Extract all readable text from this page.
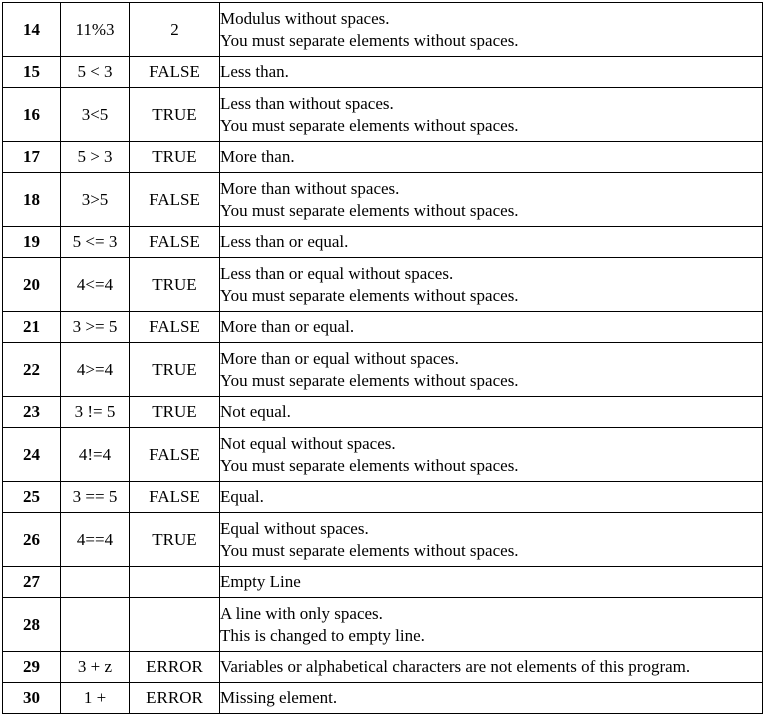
14	11%3	2	Modulus without spaces.
You must separate elements without spaces.

15	5 < 3	FALSE	Less than.

16	3<5	TRUE	Less than without spaces.
You must separate elements without spaces.

17	5 > 3	TRUE	More than.

18	3>5	FALSE	More than without spaces.
You must separate elements without spaces.

19	5 <= 3	FALSE	Less than or equal.

20	4<=4	TRUE	Less than or equal without spaces.
You must separate elements without spaces.

21	3 >= 5	FALSE	More than or equal.

22	4>=4	TRUE	More than or equal without spaces.
You must separate elements without spaces.

23	3 != 5	TRUE	Not equal.

24	4!=4	FALSE	Not equal without spaces.
You must separate elements without spaces.

25	3 == 5	FALSE	Equal.

26	4==4	TRUE	Equal without spaces.
You must separate elements without spaces.

27			Empty Line

28			A line with only spaces.
This is changed to empty line.

29	3 + z	ERROR	Variables or alphabetical characters are not elements of this program.

30	1 +	ERROR	Missing element.
